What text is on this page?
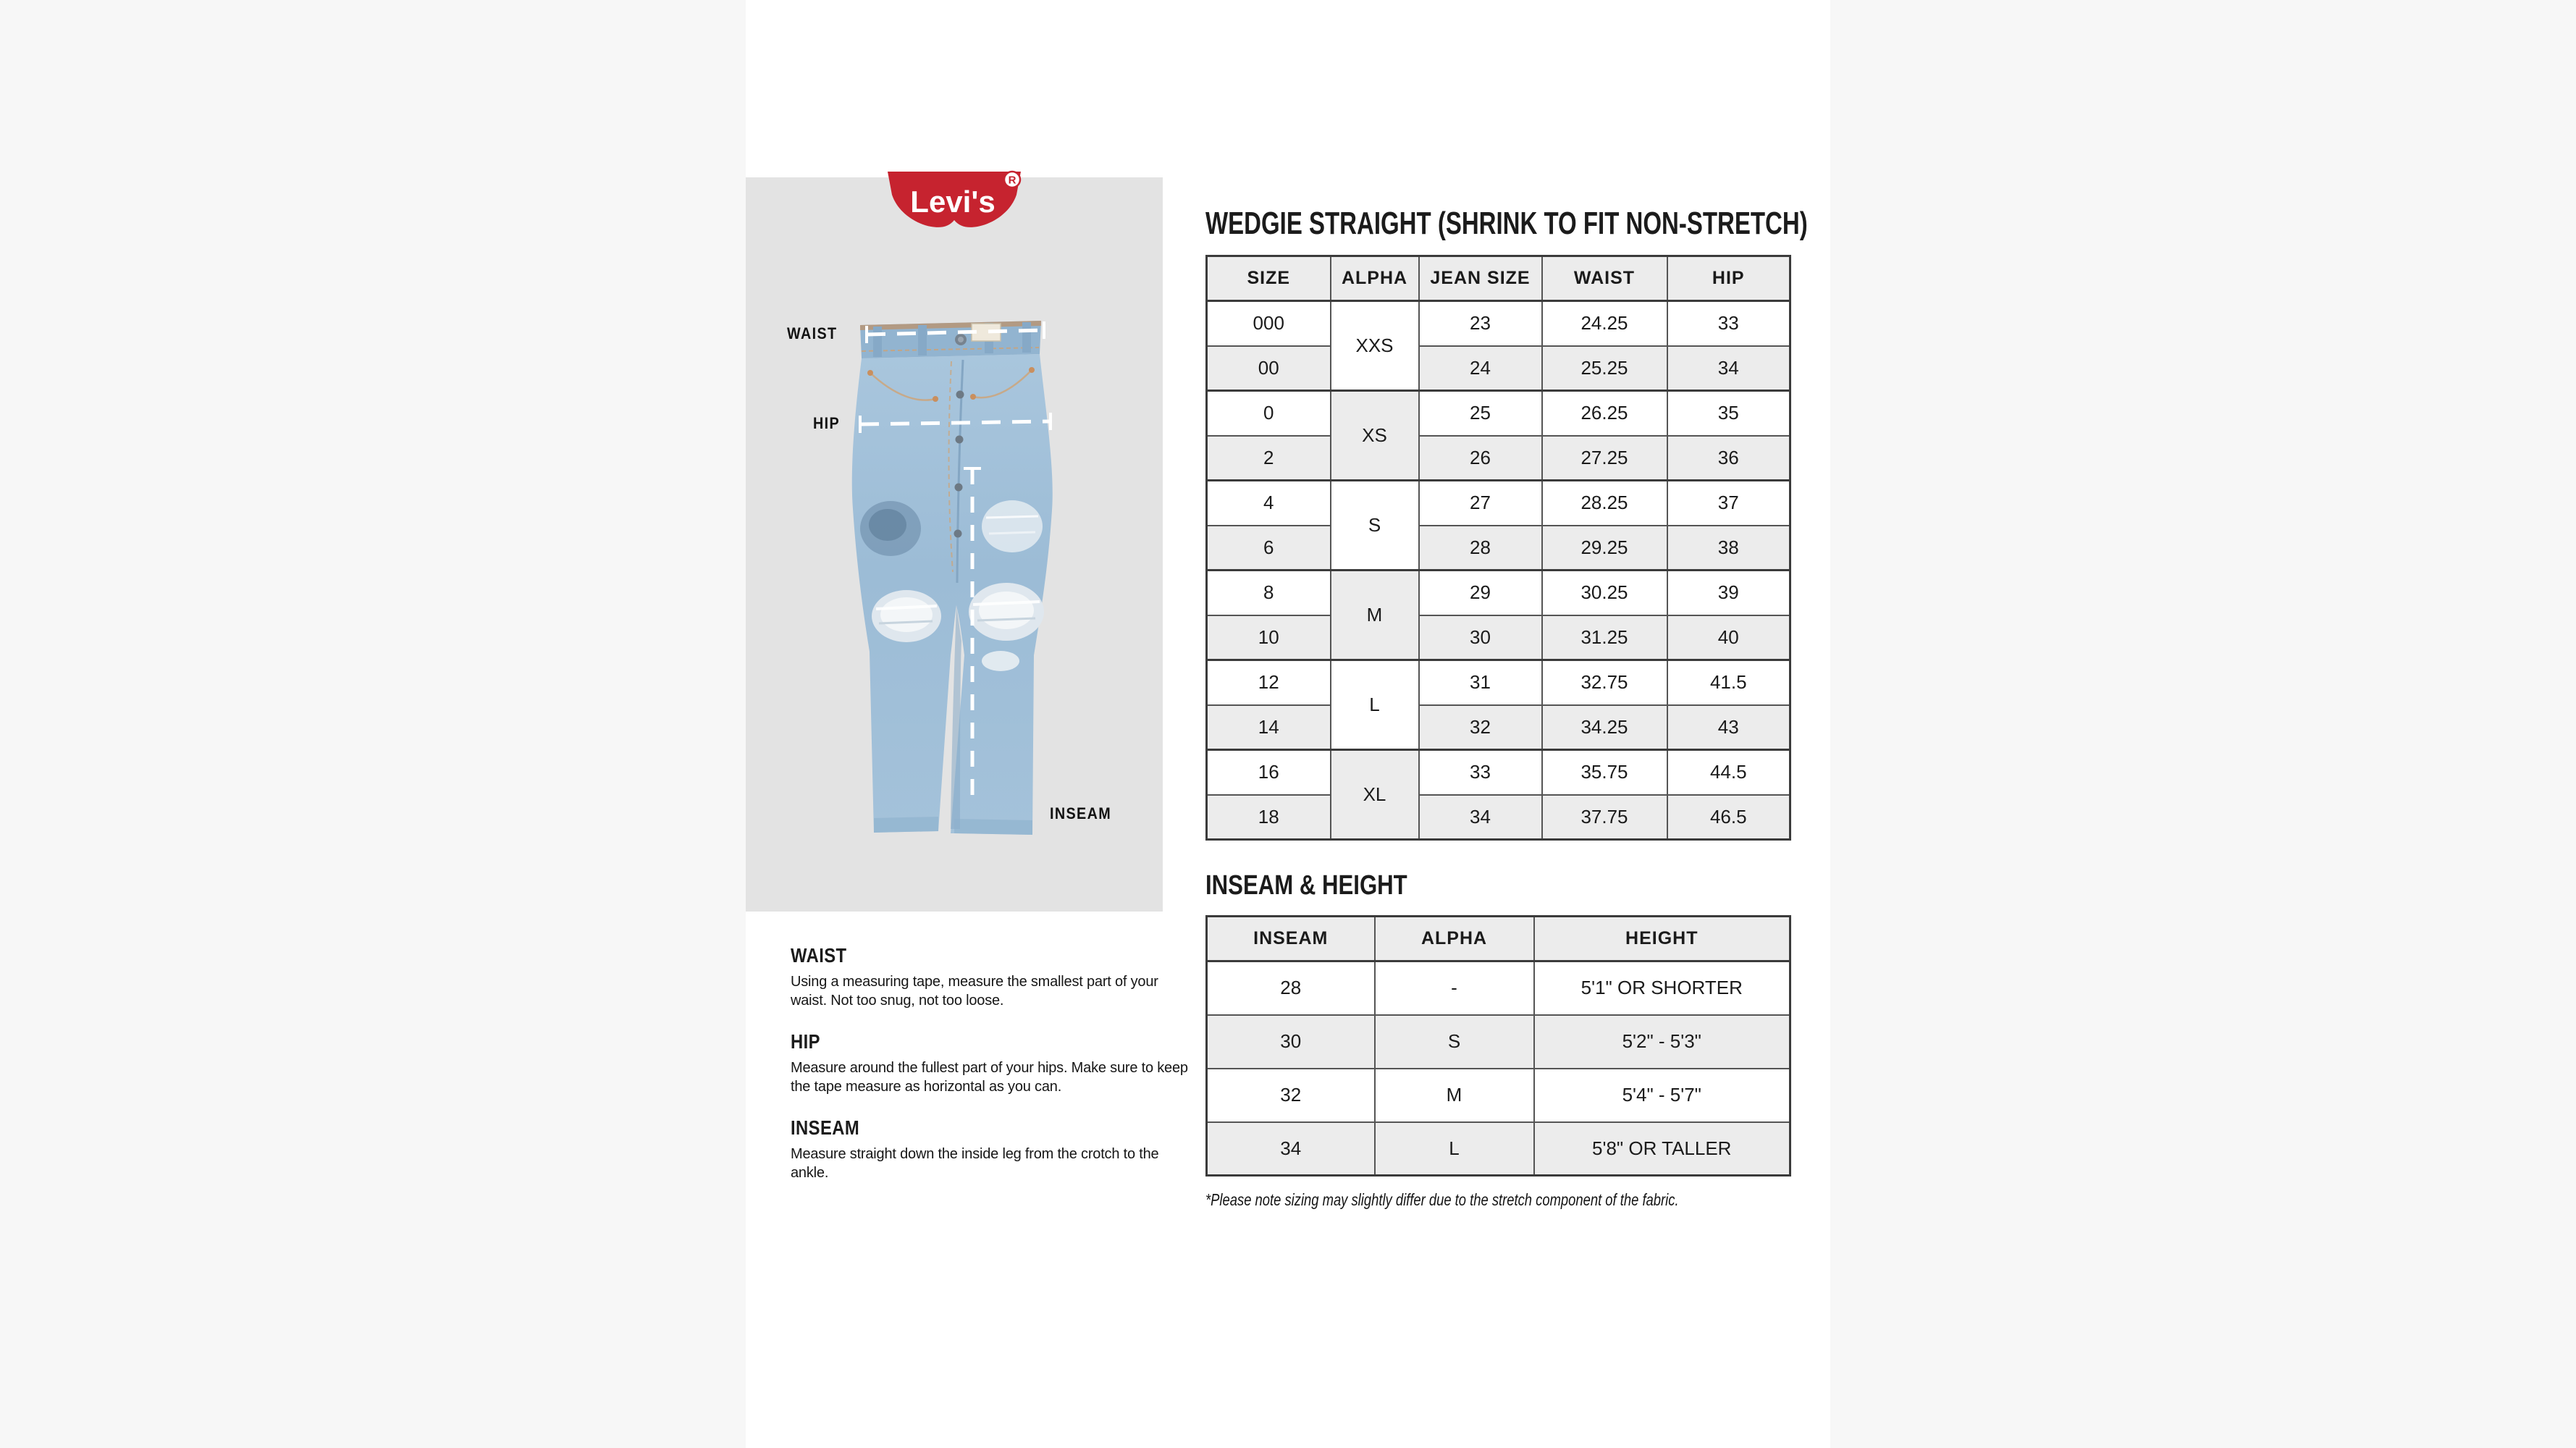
Levi's
R
WAIST
HIP
INSEAM
WAIST

Using a measuring tape, measure the smallest part of your waist. Not too snug, not too loose.

HIP

Measure around the fullest part of your hips. Make sure to keep the tape measure as horizontal as you can.

INSEAM

Measure straight down the inside leg from the crotch to the ankle.

WEDGIE STRAIGHT (SHRINK TO FIT NON-STRETCH)
SIZE	ALPHA	JEAN SIZE	WAIST	HIP
000	XXS	23	24.25	33
00		24	25.25	34
0	XS	25	26.25	35
2		26	27.25	36
4	S	27	28.25	37
6		28	29.25	38
8	M	29	30.25	39
10		30	31.25	40
12	L	31	32.75	41.5
14		32	34.25	43
16	XL	33	35.75	44.5
18		34	37.75	46.5
INSEAM & HEIGHT
INSEAM	ALPHA	HEIGHT
28	-	5'1" OR SHORTER
30	S	5'2" - 5'3"
32	M	5'4" - 5'7"
34	L	5'8" OR TALLER
*Please note sizing may slightly differ due to the stretch component of the fabric.
